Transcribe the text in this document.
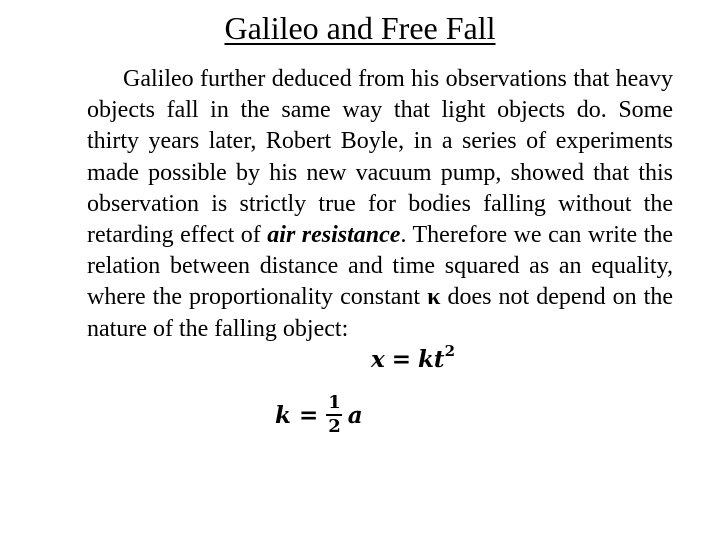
Galileo and Free Fall

Galileo further deduced from his observations that heavy objects fall in the same way that light objects do. Some thirty years later, Robert Boyle, in a series of experiments made possible by his new vacuum pump, showed that this observation is strictly true for bodies falling without the retarding effect of air resistance. Therefore we can write the relation between distance and time squared as an equality, where the proportionality constant κ does not depend on the nature of the falling object:

$x = kt^2$
$k = \frac{1}{2}$ a
